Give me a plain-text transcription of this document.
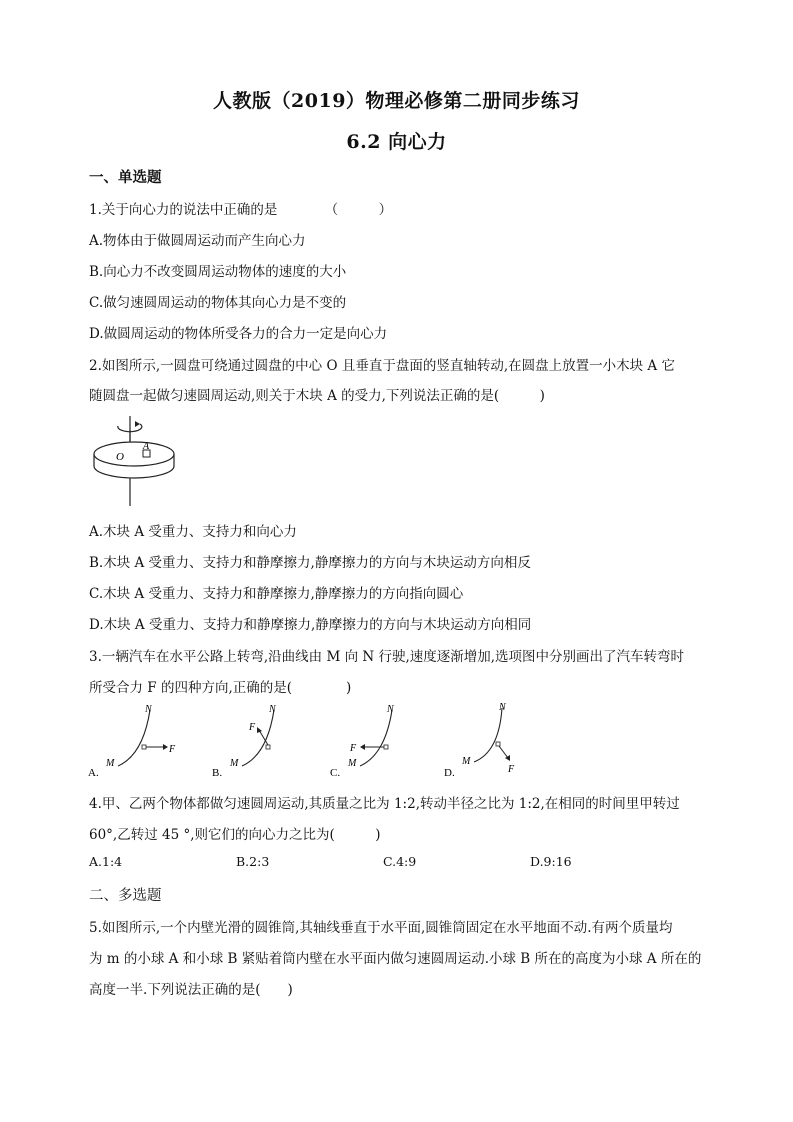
人教版（2019）物理必修第二册同步练习
6.2 向心力
一、单选题
1.关于向心力的说法中正确的是　　　　（　　　）
A.物体由于做圆周运动而产生向心力
B.向心力不改变圆周运动物体的速度的大小
C.做匀速圆周运动的物体其向心力是不变的
D.做圆周运动的物体所受各力的合力一定是向心力
2.如图所示,一圆盘可绕通过圆盘的中心 O 且垂直于盘面的竖直轴转动,在圆盘上放置一小木块 A 它
随圆盘一起做匀速圆周运动,则关于木块 A 的受力,下列说法正确的是(　　　)
O
A
A.木块 A 受重力、支持力和向心力
B.木块 A 受重力、支持力和静摩擦力,静摩擦力的方向与木块运动方向相反
C.木块 A 受重力、支持力和静摩擦力,静摩擦力的方向指向圆心
D.木块 A 受重力、支持力和静摩擦力,静摩擦力的方向与木块运动方向相同
3.一辆汽车在水平公路上转弯,沿曲线由 M 向 N 行驶,速度逐渐增加,选项图中分别画出了汽车转弯时
所受合力 F 的四种方向,正确的是(　　　　)
A.
M
N
F
B.
M
N
F
C.
M
N
F
D.
M
N
F
4.甲、乙两个物体都做匀速圆周运动,其质量之比为 1:2,转动半径之比为 1:2,在相同的时间里甲转过
60°,乙转过 45 °,则它们的向心力之比为(　　　)
A.1:4	B.2:3	C.4:9	D.9:16
二、多选题
5.如图所示,一个内壁光滑的圆锥筒,其轴线垂直于水平面,圆锥筒固定在水平地面不动.有两个质量均
为 m 的小球 A 和小球 B 紧贴着筒内壁在水平面内做匀速圆周运动.小球 B 所在的高度为小球 A 所在的
高度一半.下列说法正确的是(　　)
